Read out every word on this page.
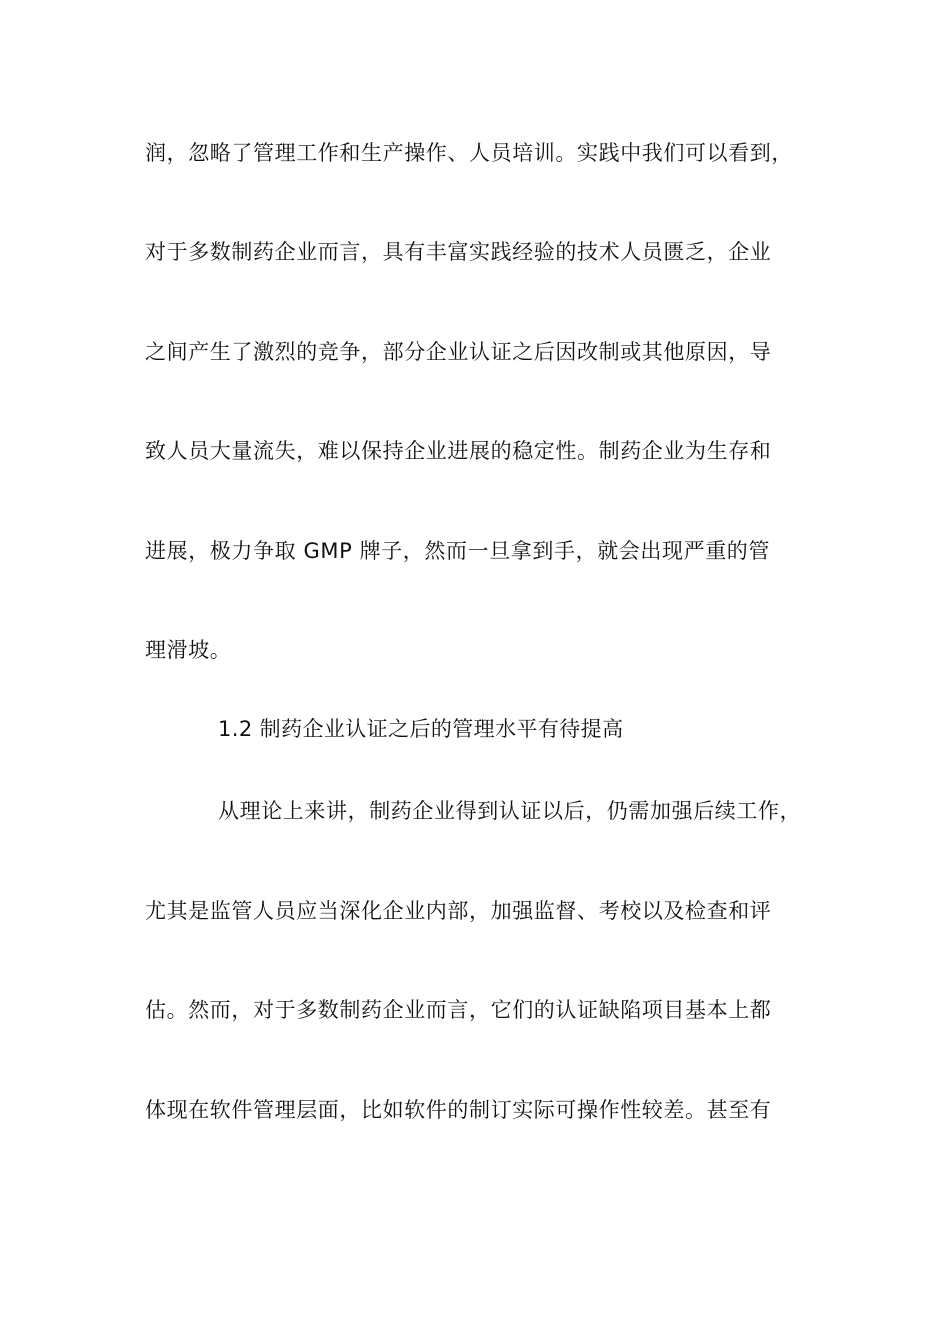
润，忽略了管理工作和生产操作、人员培训。实践中我们可以看到，
对于多数制药企业而言，具有丰富实践经验的技术人员匮乏，企业
之间产生了激烈的竞争，部分企业认证之后因改制或其他原因，导
致人员大量流失，难以保持企业进展的稳定性。制药企业为生存和
进展，极力争取 GMP 牌子，然而一旦拿到手，就会出现严重的管
理滑坡。
1.2 制药企业认证之后的管理水平有待提高
从理论上来讲，制药企业得到认证以后，仍需加强后续工作，
尤其是监管人员应当深化企业内部，加强监督、考校以及检查和评
估。然而，对于多数制药企业而言，它们的认证缺陷项目基本上都
体现在软件管理层面，比如软件的制订实际可操作性较差。甚至有
